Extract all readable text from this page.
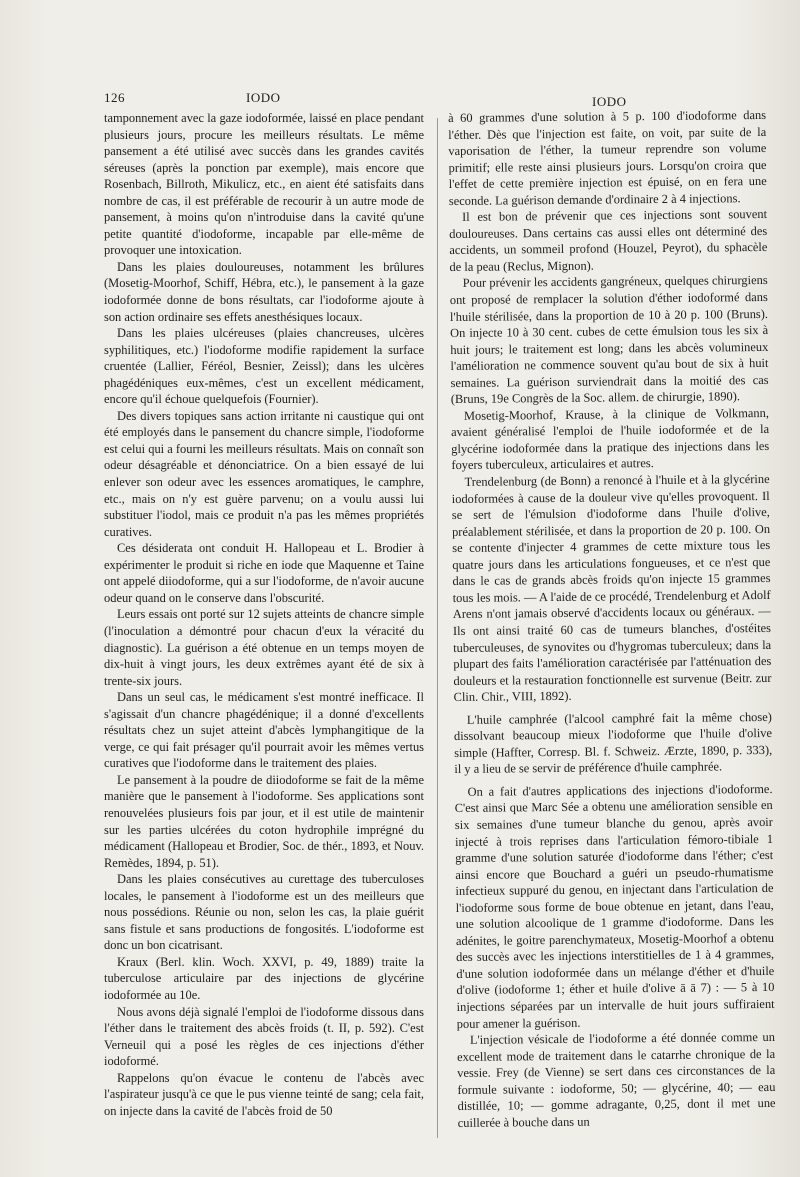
126	IODO	IODO

tamponnement avec la gaze iodoformée, laissé en place pendant plusieurs jours, procure les meilleurs résultats. Le même pansement a été utilisé avec succès dans les grandes cavités séreuses (après la ponction par exemple), mais encore que Rosenbach, Billroth, Mikulicz, etc., en aient été satisfaits dans nombre de cas, il est préférable de recourir à un autre mode de pansement, à moins qu'on n'introduise dans la cavité qu'une petite quantité d'iodoforme, incapable par elle-même de provoquer une intoxication.

Dans les plaies douloureuses, notamment les brûlures (Mosetig-Moorhof, Schiff, Hébra, etc.), le pansement à la gaze iodoformée donne de bons résultats, car l'iodoforme ajoute à son action ordinaire ses effets anesthésiques locaux.

Dans les plaies ulcéreuses (plaies chancreuses, ulcères syphilitiques, etc.) l'iodoforme modifie rapidement la surface cruentée (Lallier, Féréol, Besnier, Zeissl); dans les ulcères phagédéniques eux-mêmes, c'est un excellent médicament, encore qu'il échoue quelquefois (Fournier).

Des divers topiques sans action irritante ni caustique qui ont été employés dans le pansement du chancre simple, l'iodoforme est celui qui a fourni les meilleurs résultats. Mais on connaît son odeur désagréable et dénonciatrice. On a bien essayé de lui enlever son odeur avec les essences aromatiques, le camphre, etc., mais on n'y est guère parvenu; on a voulu aussi lui substituer l'iodol, mais ce produit n'a pas les mêmes propriétés curatives.

Ces désiderata ont conduit H. Hallopeau et L. Brodier à expérimenter le produit si riche en iode que Maquenne et Taine ont appelé diiodoforme, qui a sur l'iodoforme, de n'avoir aucune odeur quand on le conserve dans l'obscurité.

Leurs essais ont porté sur 12 sujets atteints de chancre simple (l'inoculation a démontré pour chacun d'eux la véracité du diagnostic). La guérison a été obtenue en un temps moyen de dix-huit à vingt jours, les deux extrêmes ayant été de six à trente-six jours.

Dans un seul cas, le médicament s'est montré inefficace. Il s'agissait d'un chancre phagédénique; il a donné d'excellents résultats chez un sujet atteint d'abcès lymphangitique de la verge, ce qui fait présager qu'il pourrait avoir les mêmes vertus curatives que l'iodoforme dans le traitement des plaies.

Le pansement à la poudre de diiodoforme se fait de la même manière que le pansement à l'iodoforme. Ses applications sont renouvelées plusieurs fois par jour, et il est utile de maintenir sur les parties ulcérées du coton hydrophile imprégné du médicament (Hallopeau et Brodier, Soc. de thér., 1893, et Nouv. Remèdes, 1894, p. 51).

Dans les plaies consécutives au curettage des tuberculoses locales, le pansement à l'iodoforme est un des meilleurs que nous possédions. Réunie ou non, selon les cas, la plaie guérit sans fistule et sans productions de fongosités. L'iodoforme est donc un bon cicatrisant.

Kraux (Berl. klin. Woch. XXVI, p. 49, 1889) traite la tuberculose articulaire par des injections de glycérine iodoformée au 10e.

Nous avons déjà signalé l'emploi de l'iodoforme dissous dans l'éther dans le traitement des abcès froids (t. II, p. 592). C'est Verneuil qui a posé les règles de ces injections d'éther iodoformé.

Rappelons qu'on évacue le contenu de l'abcès avec l'aspirateur jusqu'à ce que le pus vienne teinté de sang; cela fait, on injecte dans la cavité de l'abcès froid de 50

à 60 grammes d'une solution à 5 p. 100 d'iodoforme dans l'éther. Dès que l'injection est faite, on voit, par suite de la vaporisation de l'éther, la tumeur reprendre son volume primitif; elle reste ainsi plusieurs jours. Lorsqu'on croira que l'effet de cette première injection est épuisé, on en fera une seconde. La guérison demande d'ordinaire 2 à 4 injections.

Il est bon de prévenir que ces injections sont souvent douloureuses. Dans certains cas aussi elles ont déterminé des accidents, un sommeil profond (Houzel, Peyrot), du sphacèle de la peau (Reclus, Mignon).

Pour prévenir les accidents gangréneux, quelques chirurgiens ont proposé de remplacer la solution d'éther iodoformé dans l'huile stérilisée, dans la proportion de 10 à 20 p. 100 (Bruns). On injecte 10 à 30 cent. cubes de cette émulsion tous les six à huit jours; le traitement est long; dans les abcès volumineux l'amélioration ne commence souvent qu'au bout de six à huit semaines. La guérison surviendrait dans la moitié des cas (Bruns, 19e Congrès de la Soc. allem. de chirurgie, 1890).

Mosetig-Moorhof, Krause, à la clinique de Volkmann, avaient généralisé l'emploi de l'huile iodoformée et de la glycérine iodoformée dans la pratique des injections dans les foyers tuberculeux, articulaires et autres.

Trendelenburg (de Bonn) a renoncé à l'huile et à la glycérine iodoformées à cause de la douleur vive qu'elles provoquent. Il se sert de l'émulsion d'iodoforme dans l'huile d'olive, préalablement stérilisée, et dans la proportion de 20 p. 100. On se contente d'injecter 4 grammes de cette mixture tous les quatre jours dans les articulations fongueuses, et ce n'est que dans le cas de grands abcès froids qu'on injecte 15 grammes tous les mois. — A l'aide de ce procédé, Trendelenburg et Adolf Arens n'ont jamais observé d'accidents locaux ou généraux. — Ils ont ainsi traité 60 cas de tumeurs blanches, d'ostéites tuberculeuses, de synovites ou d'hygromas tuberculeux; dans la plupart des faits l'amélioration caractérisée par l'atténuation des douleurs et la restauration fonctionnelle est survenue (Beitr. zur Clin. Chir., VIII, 1892).

L'huile camphrée (l'alcool camphré fait la même chose) dissolvant beaucoup mieux l'iodoforme que l'huile d'olive simple (Haffter, Corresp. Bl. f. Schweiz. Ærzte, 1890, p. 333), il y a lieu de se servir de préférence d'huile camphrée.

On a fait d'autres applications des injections d'iodoforme. C'est ainsi que Marc Sée a obtenu une amélioration sensible en six semaines d'une tumeur blanche du genou, après avoir injecté à trois reprises dans l'articulation fémoro-tibiale 1 gramme d'une solution saturée d'iodoforme dans l'éther; c'est ainsi encore que Bouchard a guéri un pseudo-rhumatisme infectieux suppuré du genou, en injectant dans l'articulation de l'iodoforme sous forme de boue obtenue en jetant, dans l'eau, une solution alcoolique de 1 gramme d'iodoforme. Dans les adénites, le goitre parenchymateux, Mosetig-Moorhof a obtenu des succès avec les injections interstitielles de 1 à 4 grammes, d'une solution iodoformée dans un mélange d'éther et d'huile d'olive (iodoforme 1; éther et huile d'olive ā ā 7) : — 5 à 10 injections séparées par un intervalle de huit jours suffiraient pour amener la guérison.

L'injection vésicale de l'iodoforme a été donnée comme un excellent mode de traitement dans le catarrhe chronique de la vessie. Frey (de Vienne) se sert dans ces circonstances de la formule suivante : iodoforme, 50; — glycérine, 40; — eau distillée, 10; — gomme adragante, 0,25, dont il met une cuillerée à bouche dans un
